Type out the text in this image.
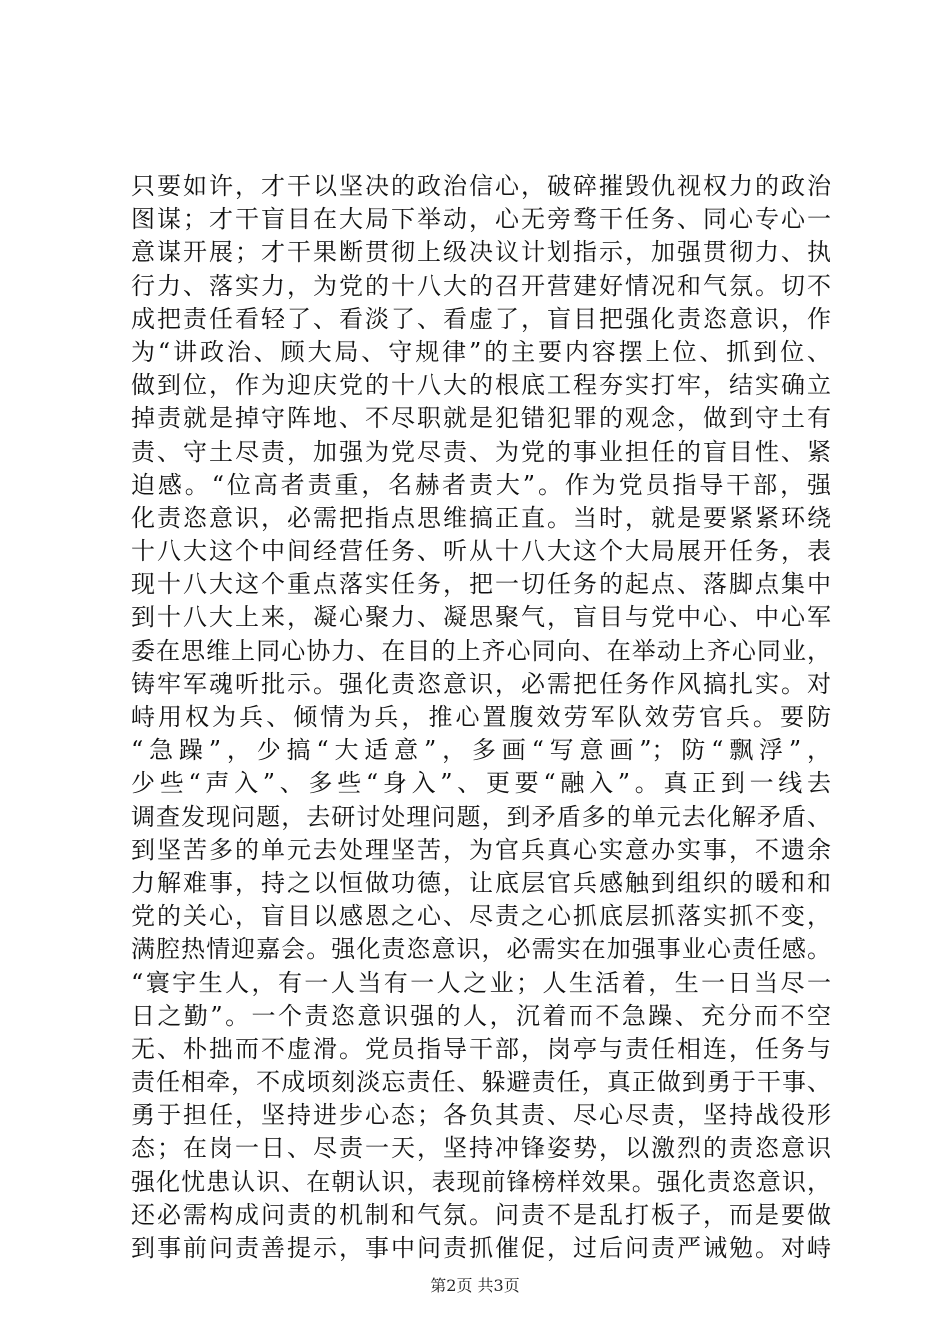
只要如许，才干以坚决的政治信心，破碎摧毁仇视权力的政治
图谋；才干盲目在大局下举动，心无旁骛干任务、同心专心一
意谋开展；才干果断贯彻上级决议计划指示，加强贯彻力、执
行力、落实力，为党的十八大的召开营建好情况和气氛。切不
成把责任看轻了、看淡了、看虚了，盲目把强化责恣意识，作
为“讲政治、顾大局、守规律”的主要内容摆上位、抓到位、
做到位，作为迎庆党的十八大的根底工程夯实打牢，结实确立
掉责就是掉守阵地、不尽职就是犯错犯罪的观念，做到守土有
责、守土尽责，加强为党尽责、为党的事业担任的盲目性、紧
迫感。“位高者责重，名赫者责大”。作为党员指导干部，强
化责恣意识，必需把指点思维搞正直。当时，就是要紧紧环绕
十八大这个中间经营任务、听从十八大这个大局展开任务，表
现十八大这个重点落实任务，把一切任务的起点、落脚点集中
到十八大上来，凝心聚力、凝思聚气，盲目与党中心、中心军
委在思维上同心协力、在目的上齐心同向、在举动上齐心同业，
铸牢军魂听批示。强化责恣意识，必需把任务作风搞扎实。对
峙用权为兵、倾情为兵，推心置腹效劳军队效劳官兵。要防
“急躁”，少搞“大适意”，多画“写意画”；防“飘浮”，
少些“声入”、多些“身入”、更要“融入”。真正到一线去
调查发现问题，去研讨处理问题，到矛盾多的单元去化解矛盾、
到坚苦多的单元去处理坚苦，为官兵真心实意办实事，不遗余
力解难事，持之以恒做功德，让底层官兵感触到组织的暖和和
党的关心，盲目以感恩之心、尽责之心抓底层抓落实抓不变，
满腔热情迎嘉会。强化责恣意识，必需实在加强事业心责任感。
“寰宇生人，有一人当有一人之业；人生活着，生一日当尽一
日之勤”。一个责恣意识强的人，沉着而不急躁、充分而不空
无、朴拙而不虚滑。党员指导干部，岗亭与责任相连，任务与
责任相牵，不成顷刻淡忘责任、躲避责任，真正做到勇于干事、
勇于担任，坚持进步心态；各负其责、尽心尽责，坚持战役形
态；在岗一日、尽责一天，坚持冲锋姿势，以激烈的责恣意识
强化忧患认识、在朝认识，表现前锋榜样效果。强化责恣意识，
还必需构成问责的机制和气氛。问责不是乱打板子，而是要做
到事前问责善提示，事中问责抓催促，过后问责严诫勉。对峙
第2页 共3页
